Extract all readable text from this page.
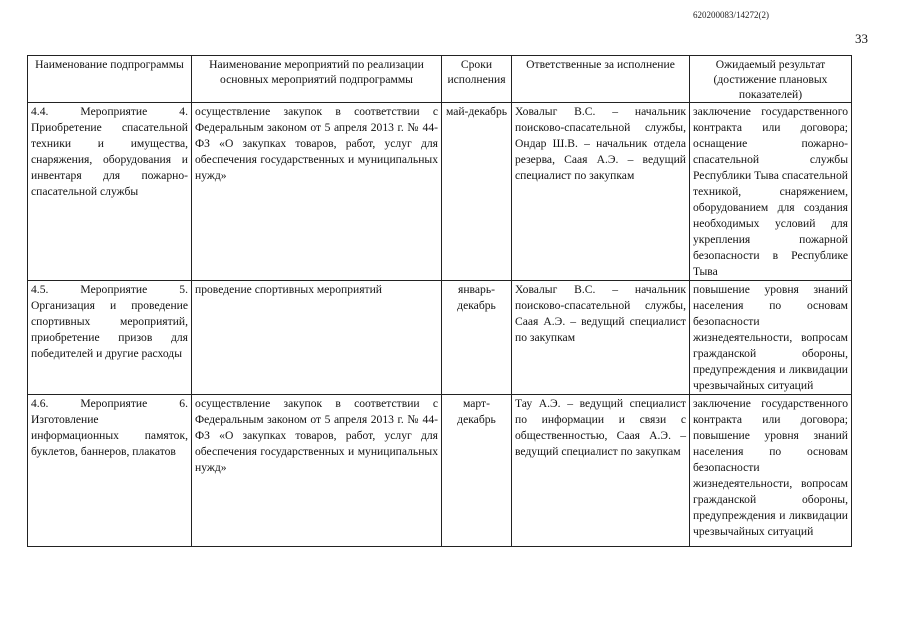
620200083/14272(2)
33
Наименование подпрограммы	Наименование мероприятий по реализации основных мероприятий подпрограммы	Сроки исполнения	Ответственные за исполнение	Ожидаемый результат (достижение плановых показателей)
4.4. Мероприятие 4. Приобретение спасательной техники и имущества, снаряжения, оборудования и инвентаря для пожарно-спасательной службы	осуществление закупок в соответствии с Федеральным законом от 5 апреля 2013 г. № 44-ФЗ «О закупках товаров, работ, услуг для обеспечения государственных и муниципальных нужд»	май-декабрь	Ховалыг В.С. – начальник поисково-спасательной службы, Ондар Ш.В. – начальник отдела резерва, Саая А.Э. – ведущий специалист по закупкам	заключение государственного контракта или договора; оснащение пожарно-спасательной службы Республики Тыва спасательной техникой, снаряжением, оборудованием для создания необходимых условий для укрепления пожарной безопасности в Республике Тыва
4.5. Мероприятие 5. Организация и проведение спортивных мероприятий, приобретение призов для победителей и другие расходы	проведение спортивных мероприятий	январь-декабрь	Ховалыг В.С. – начальник поисково-спасательной службы, Саая А.Э. – ведущий специалист по закупкам	повышение уровня знаний населения по основам безопасности жизнедеятельности, вопросам гражданской обороны, предупреждения и ликвидации чрезвычайных ситуаций
4.6. Мероприятие 6. Изготовление информационных памяток, буклетов, баннеров, плакатов	осуществление закупок в соответствии с Федеральным законом от 5 апреля 2013 г. № 44-ФЗ «О закупках товаров, работ, услуг для обеспечения государственных и муниципальных нужд»	март-декабрь	Тау А.Э. – ведущий специалист по информации и связи с общественностью, Саая А.Э. – ведущий специалист по закупкам	заключение государственного контракта или договора; повышение уровня знаний населения по основам безопасности жизнедеятельности, вопросам гражданской обороны, предупреждения и ликвидации чрезвычайных ситуаций
